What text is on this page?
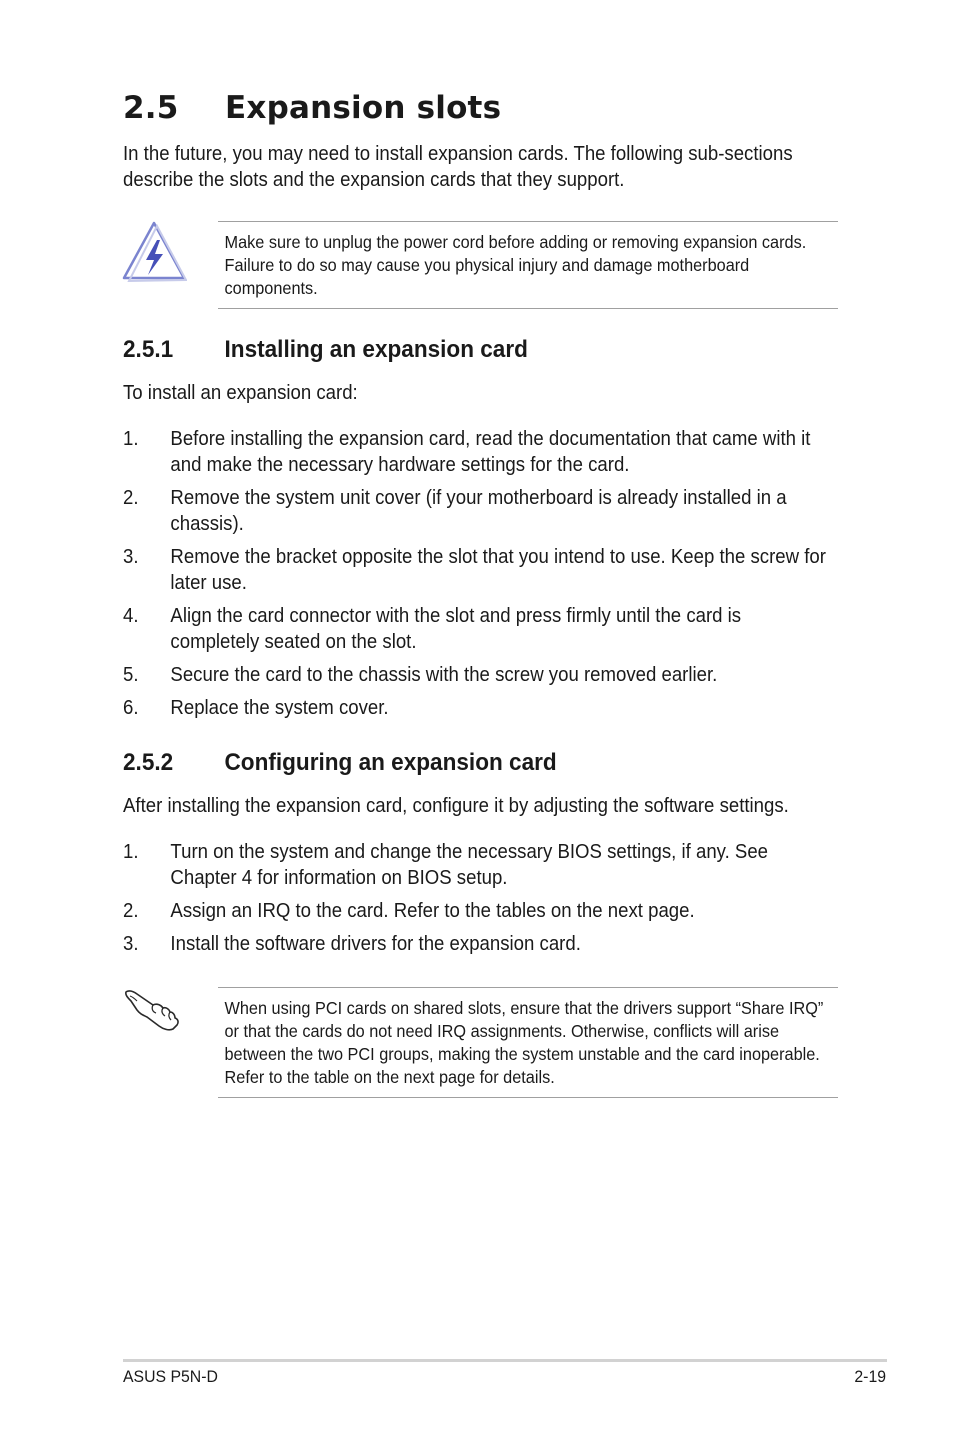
2.5 Expansion slots

In the future, you may need to install expansion cards. The following sub-sections describe the slots and the expansion cards that they support.

Make sure to unplug the power cord before adding or removing expansion cards. Failure to do so may cause you physical injury and damage motherboard components.

2.5.1 Installing an expansion card

To install an expansion card:

1.	Before installing the expansion card, read the documentation that came with it and make the necessary hardware settings for the card.
2.	Remove the system unit cover (if your motherboard is already installed in a chassis).
3.	Remove the bracket opposite the slot that you intend to use. Keep the screw for later use.
4.	Align the card connector with the slot and press firmly until the card is completely seated on the slot.
5.	Secure the card to the chassis with the screw you removed earlier.
6.	Replace the system cover.
2.5.2 Configuring an expansion card

After installing the expansion card, configure it by adjusting the software settings.

1.	Turn on the system and change the necessary BIOS settings, if any. See Chapter 4 for information on BIOS setup.
2.	Assign an IRQ to the card. Refer to the tables on the next page.
3.	Install the software drivers for the expansion card.

When using PCI cards on shared slots, ensure that the drivers support “Share IRQ” or that the cards do not need IRQ assignments. Otherwise, conflicts will arise between the two PCI groups, making the system unstable and the card inoperable. Refer to the table on the next page for details.

ASUS P5N-D	2-19
